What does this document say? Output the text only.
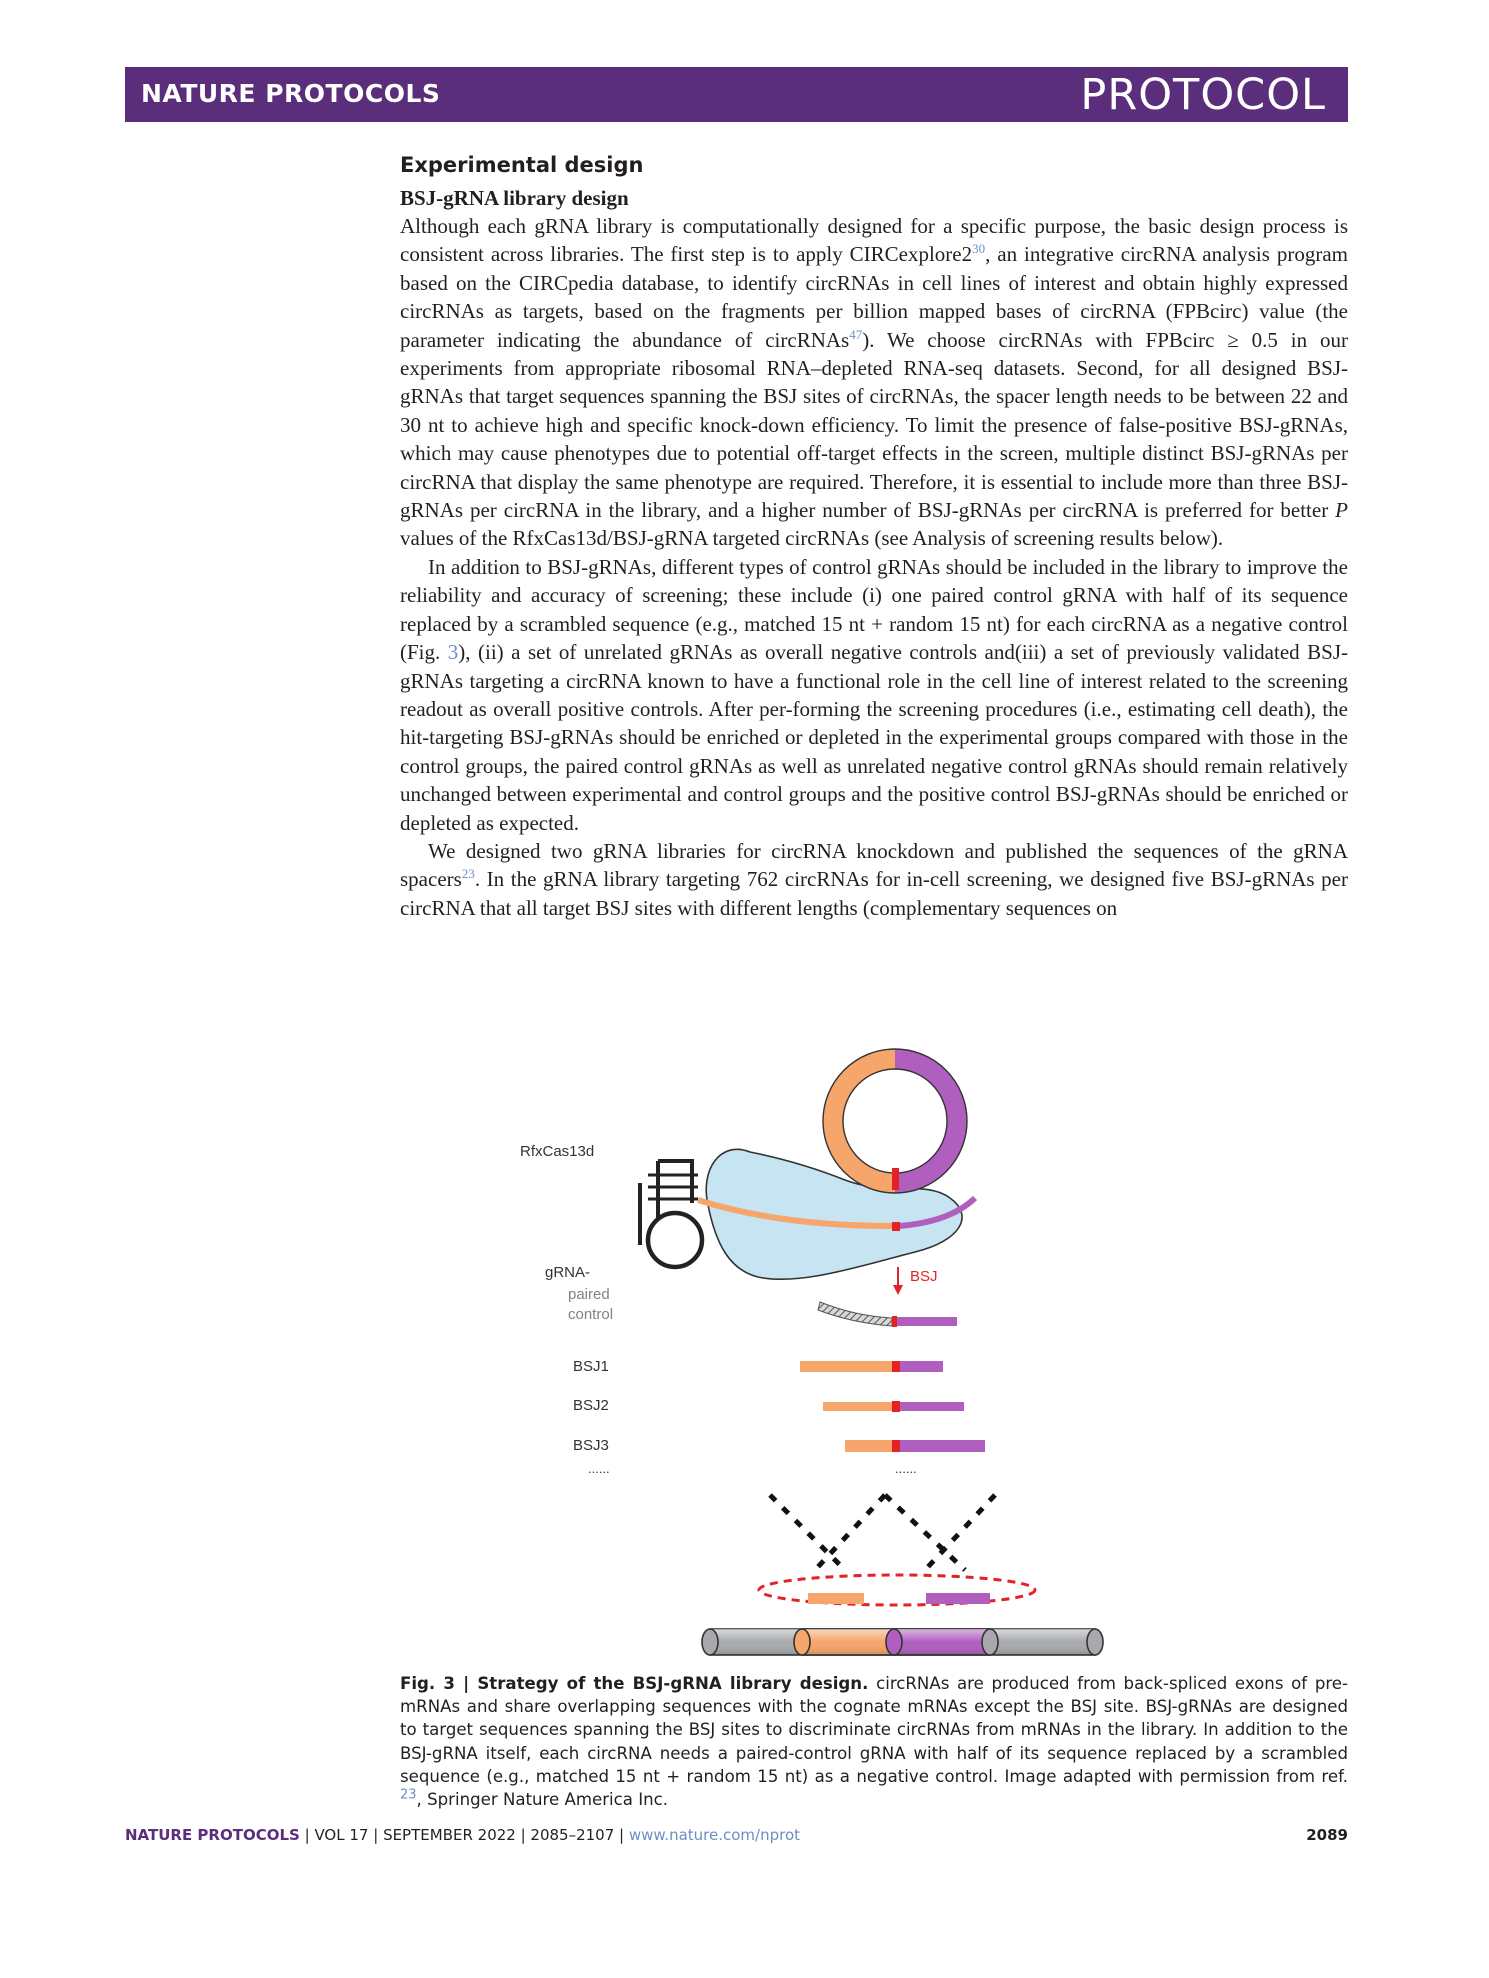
NATURE PROTOCOLS	PROTOCOL
Experimental design
BSJ-gRNA library design

Although each gRNA library is computationally designed for a specific purpose, the basic design process is consistent across libraries. The first step is to apply CIRCexplore2$^{30}$, an integrative circRNA analysis program based on the CIRCpedia database, to identify circRNAs in cell lines of interest and obtain highly expressed circRNAs as targets, based on the fragments per billion mapped bases of circRNA (FPBcirc) value (the parameter indicating the abundance of circRNAs$^{47}$). We choose circRNAs with FPBcirc ≥ 0.5 in our experiments from appropriate ribosomal RNA–depleted RNA-seq datasets. Second, for all designed BSJ-gRNAs that target sequences spanning the BSJ sites of circRNAs, the spacer length needs to be between 22 and 30 nt to achieve high and specific knock-down efficiency. To limit the presence of false-positive BSJ-gRNAs, which may cause phenotypes due to potential off-target effects in the screen, multiple distinct BSJ-gRNAs per circRNA that display the same phenotype are required. Therefore, it is essential to include more than three BSJ-gRNAs per circRNA in the library, and a higher number of BSJ-gRNAs per circRNA is preferred for better P values of the RfxCas13d/BSJ-gRNA targeted circRNAs (see Analysis of screening results below).

In addition to BSJ-gRNAs, different types of control gRNAs should be included in the library to improve the reliability and accuracy of screening; these include (i) one paired control gRNA with half of its sequence replaced by a scrambled sequence (e.g., matched 15 nt + random 15 nt) for each circRNA as a negative control (Fig. 3), (ii) a set of unrelated gRNAs as overall negative controls and(iii) a set of previously validated BSJ-gRNAs targeting a circRNA known to have a functional role in the cell line of interest related to the screening readout as overall positive controls. After per-forming the screening procedures (i.e., estimating cell death), the hit-targeting BSJ-gRNAs should be enriched or depleted in the experimental groups compared with those in the control groups, the paired control gRNAs as well as unrelated negative control gRNAs should remain relatively unchanged between experimental and control groups and the positive control BSJ-gRNAs should be enriched or depleted as expected.

We designed two gRNA libraries for circRNA knockdown and published the sequences of the gRNA spacers$^{23}$. In the gRNA library targeting 762 circRNAs for in-cell screening, we designed five BSJ-gRNAs per circRNA that all target BSJ sites with different lengths (complementary sequences on

RfxCas13d
gRNA-
paired
control
BSJ
BSJ1
BSJ2
BSJ3
......	......

Fig. 3 | Strategy of the BSJ-gRNA library design. circRNAs are produced from back-spliced exons of pre-mRNAs and share overlapping sequences with the cognate mRNAs except the BSJ site. BSJ-gRNAs are designed to target sequences spanning the BSJ sites to discriminate circRNAs from mRNAs in the library. In addition to the BSJ-gRNA itself, each circRNA needs a paired-control gRNA with half of its sequence replaced by a scrambled sequence (e.g., matched 15 nt + random 15 nt) as a negative control. Image adapted with permission from ref. $^{23}$, Springer Nature America Inc.

NATURE PROTOCOLS | VOL 17 | SEPTEMBER 2022 | 2085–2107 | www.nature.com/nprot	2089
